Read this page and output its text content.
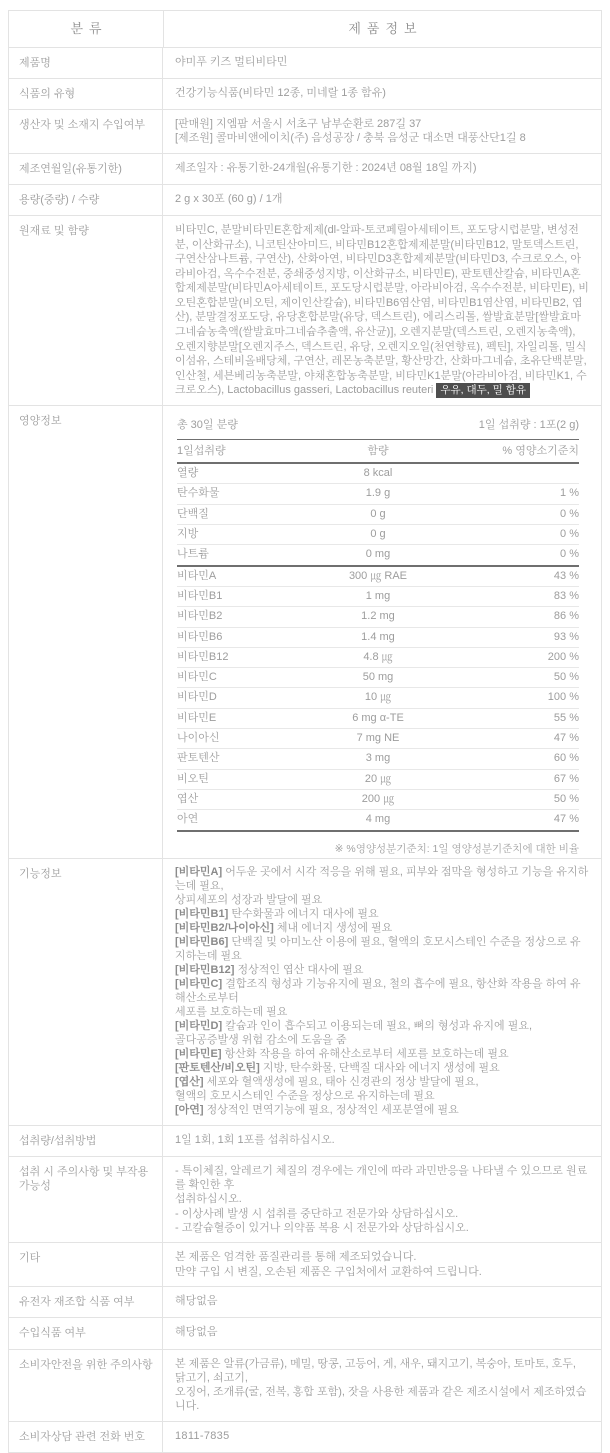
분류	제품정보
제품명	야미푸 키즈 멀티비타민
식품의 유형	건강기능식품(비타민 12종, 미네랄 1종 함유)
생산자 및 소재지 수입여부	[판매원] 지엠팜 서울시 서초구 남부순환로 287길 37
[제조원] 콜마비앤에이치(주) 음성공장 / 충북 음성군 대소면 대풍산단1길 8
제조연월일(유통기한)	제조일자 : 유통기한-24개월(유통기한 : 2024년 08월 18일 까지)
용량(중량) / 수량	2 g x 30포 (60 g) / 1개
원재료 및 함량	비타민C, 분말비타민E혼합제제(dl-알파-토코페릴아세테이트, 포도당시럽분말, 변성전분, 이산화규소), 니코틴산아미드, 비타민B12혼합제제분말(비타민B12, 말토덱스트린, 구연산삼나트륨, 구연산), 산화아연, 비타민D3혼합제제분말(비타민D3, 수크로오스, 아라비아검, 옥수수전분, 중쇄중성지방, 이산화규소, 비타민E), 판토텐산칼슘, 비타민A혼합제제분말(비타민A아세테이트, 포도당시럽분말, 아라비아검, 옥수수전분, 비타민E), 비오틴혼합분말(비오틴, 제이인산칼슘), 비타민B6염산염, 비타민B1염산염, 비타민B2, 엽산), 분말결정포도당, 유당혼합분말(유당, 덱스트린), 에리스리톨, 쌀발효분말[쌀발효마그네슘농축액(쌀발효마그네슘추출액, 유산균)], 오렌지분말(덱스트린, 오렌지농축액), 오렌지향분말[오렌지주스, 덱스트린, 유당, 오렌지오일(천연향료), 펙틴], 자일리톨, 밀식이섬유, 스테비올배당체, 구연산, 레몬농축분말, 황산망간, 산화마그네슘, 초유단백분말, 인산철, 세븐베리농축분말, 야채혼합농축분말, 비타민K1분말(아라비아검, 비타민K1, 수크로오스), Lactobacillus gasseri, Lactobacillus reuteri 우유, 대두, 밀 함유
영양정보	총 30일 분량		1일 섭취량 : 1포(2 g)
1일섭취량	함량	% 영양소기준치
열량	8 kcal	
탄수화물	1.9 g	1 %
단백질	0 g	0 %
지방	0 g	0 %
나트륨	0 mg	0 %
비타민A	300 ㎍ RAE	43 %
비타민B1	1 mg	83 %
비타민B2	1.2 mg	86 %
비타민B6	1.4 mg	93 %
비타민B12	4.8 ㎍	200 %
비타민C	50 mg	50 %
비타민D	10 ㎍	100 %
비타민E	6 mg α-TE	55 %
나이아신	7 mg NE	47 %
판토텐산	3 mg	60 %
비오틴	20 ㎍	67 %
엽산	200 ㎍	50 %
아연	4 mg	47 %
※ %영양성분기준치: 1일 영양성분기준치에 대한 비율
기능정보	[비타민A] 어두운 곳에서 시각 적응을 위해 필요, 피부와 점막을 형성하고 기능을 유지하는데 필요,
상피세포의 성장과 발달에 필요
[비타민B1] 탄수화물과 에너지 대사에 필요
[비타민B2/나이아신] 체내 에너지 생성에 필요
[비타민B6] 단백질 및 아미노산 이용에 필요, 혈액의 호모시스테인 수준을 정상으로 유지하는데 필요
[비타민B12] 정상적인 엽산 대사에 필요
[비타민C] 결합조직 형성과 기능유지에 필요, 철의 흡수에 필요, 항산화 작용을 하여 유해산소로부터
세포를 보호하는데 필요
[비타민D] 칼슘과 인이 흡수되고 이용되는데 필요, 뼈의 형성과 유지에 필요,
골다공증발생 위험 감소에 도움을 줌
[비타민E] 항산화 작용을 하여 유해산소로부터 세포를 보호하는데 필요
[판토텐산/비오틴] 지방, 탄수화물, 단백질 대사와 에너지 생성에 필요
[엽산] 세포와 혈액생성에 필요, 태아 신경관의 정상 발달에 필요,
혈액의 호모시스테인 수준을 정상으로 유지하는데 필요
[아연] 정상적인 면역기능에 필요, 정상적인 세포분열에 필요
섭취량/섭취방법	1일 1회, 1회 1포를 섭취하십시오.
섭취 시 주의사항 및 부작용 가능성
- 특이체질, 알레르기 체질의 경우에는 개인에 따라 과민반응을 나타낼 수 있으므로 원료를 확인한 후
섭취하십시오.
- 이상사례 발생 시 섭취를 중단하고 전문가와 상담하십시오.
- 고칼슘혈증이 있거나 의약품 복용 시 전문가와 상담하십시오.
기타	본 제품은 엄격한 품질관리를 통해 제조되었습니다.
만약 구입 시 변질, 오손된 제품은 구입처에서 교환하여 드립니다.
유전자 재조합 식품 여부	해당없음
수입식품 여부	해당없음
소비자안전을 위한 주의사항	본 제품은 알류(가금류), 메밀, 땅콩, 고등어, 게, 새우, 돼지고기, 복숭아, 토마토, 호두, 닭고기, 쇠고기,
오징어, 조개류(굴, 전복, 홍합 포함), 잣을 사용한 제품과 같은 제조시설에서 제조하였습니다.
소비자상담 관련 전화 번호	1811-7835
